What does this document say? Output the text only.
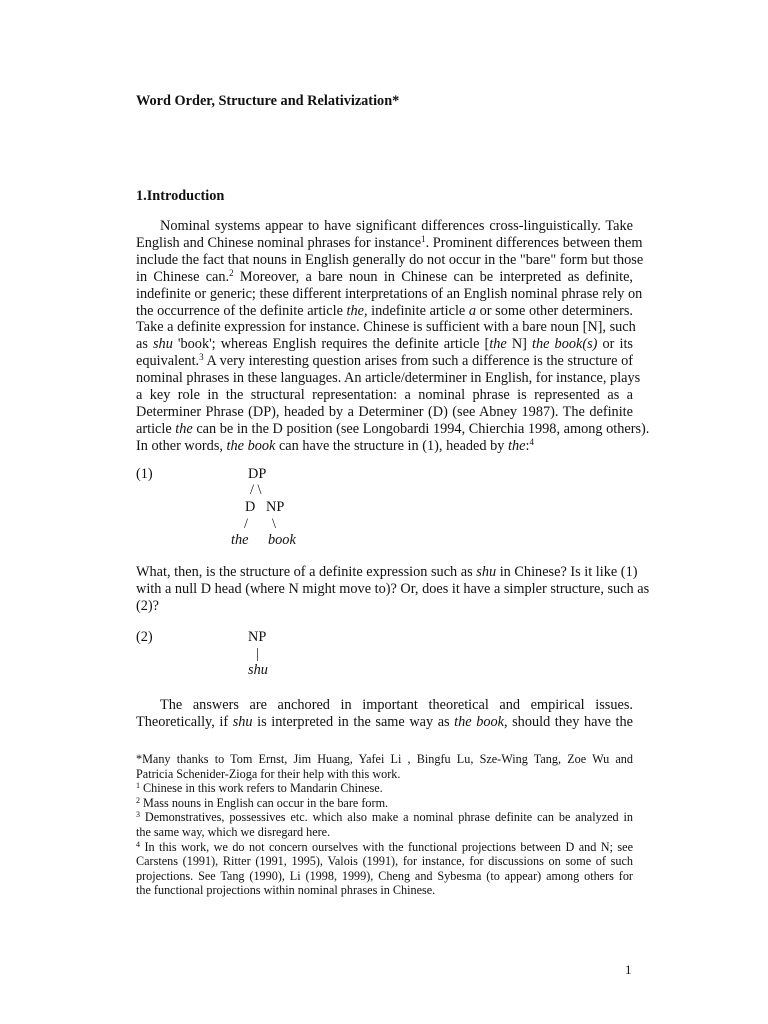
Word Order, Structure and Relativization*
1.Introduction
Nominal systems appear to have significant differences cross-linguistically. Take
English and Chinese nominal phrases for instance$^1$. Prominent differences between them
include the fact that nouns in English generally do not occur in the "bare" form but those
in Chinese can.$^2$ Moreover, a bare noun in Chinese can be interpreted as definite,
indefinite or generic; these different interpretations of an English nominal phrase rely on
the occurrence of the definite article the, indefinite article a or some other determiners.
Take a definite expression for instance. Chinese is sufficient with a bare noun [N], such
as shu 'book'; whereas English requires the definite article [the N] the book(s) or its
equivalent.$^3$ A very interesting question arises from such a difference is the structure of
nominal phrases in these languages. An article/determiner in English, for instance, plays
a key role in the structural representation: a nominal phrase is represented as a
Determiner Phrase (DP), headed by a Determiner (D) (see Abney 1987). The definite
article the can be in the D position (see Longobardi 1994, Chierchia 1998, among others).
In other words, the book can have the structure in (1), headed by the:$^4$
(1)	DP
/ \
D NP
/ \
the book
What, then, is the structure of a definite expression such as shu in Chinese? Is it like (1)
with a null D head (where N might move to)? Or, does it have a simpler structure, such as
(2)?
(2)	NP
|
shu
The answers are anchored in important theoretical and empirical issues.
Theoretically, if shu is interpreted in the same way as the book, should they have the
*Many thanks to Tom Ernst, Jim Huang, Yafei Li , Bingfu Lu, Sze-Wing Tang, Zoe Wu and
Patricia Schenider-Zioga for their help with this work.
$^1$ Chinese in this work refers to Mandarin Chinese.
$^2$ Mass nouns in English can occur in the bare form.
$^3$ Demonstratives, possessives etc. which also make a nominal phrase definite can be analyzed in
the same way, which we disregard here.
$^4$ In this work, we do not concern ourselves with the functional projections between D and N; see
Carstens (1991), Ritter (1991, 1995), Valois (1991), for instance, for discussions on some of such
projections. See Tang (1990), Li (1998, 1999), Cheng and Sybesma (to appear) among others for
the functional projections within nominal phrases in Chinese.
1
